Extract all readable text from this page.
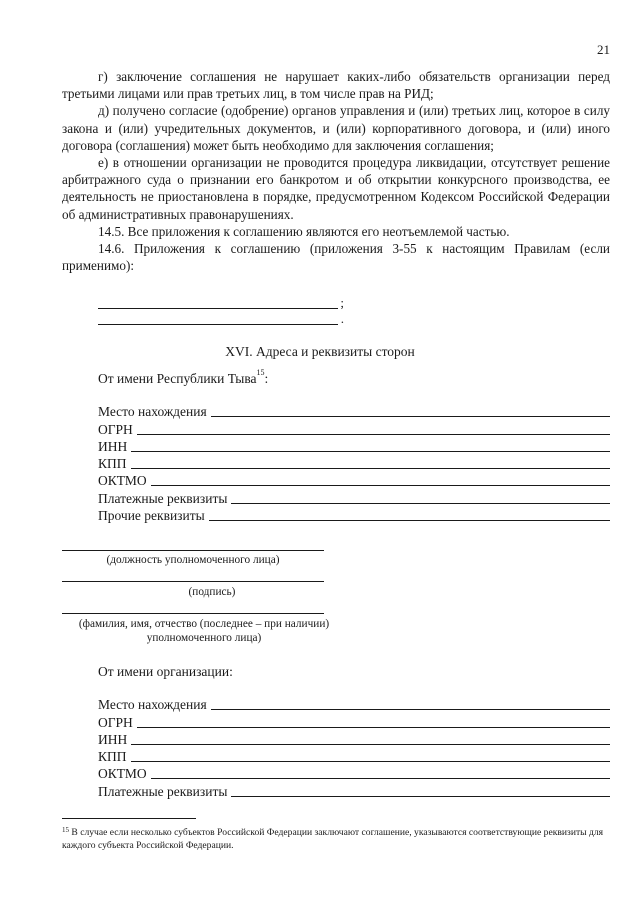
21

г) заключение соглашения не нарушает каких-либо обязательств организации перед третьими лицами или прав третьих лиц, в том числе прав на РИД;

д) получено согласие (одобрение) органов управления и (или) третьих лиц, которое в силу закона и (или) учредительных документов, и (или) корпоративного договора, и (или) иного договора (соглашения) может быть необходимо для заключения соглашения;

е) в отношении организации не проводится процедура ликвидации, отсутствует решение арбитражного суда о признании его банкротом и об открытии конкурсного производства, ее деятельность не приостановлена в порядке, предусмотренном Кодексом Российской Федерации об административных правонарушениях.

14.5. Все приложения к соглашению являются его неотъемлемой частью.

14.6. Приложения к соглашению (приложения 3-55 к настоящим Правилам (если применимо):

;
.
XVI. Адреса и реквизиты сторон
От имени Республики Тыва$^{15}$:
Место нахождения
ОГРН
ИНН
КПП
ОКТМО
Платежные реквизиты
Прочие реквизиты
(должность уполномоченного лица)
(подпись)
(фамилия, имя, отчество (последнее – при наличии)
уполномоченного лица)
От имени организации:
Место нахождения
ОГРН
ИНН
КПП
ОКТМО
Платежные реквизиты
$^{15}$ В случае если несколько субъектов Российской Федерации заключают соглашение, указываются соответствующие реквизиты для каждого субъекта Российской Федерации.
